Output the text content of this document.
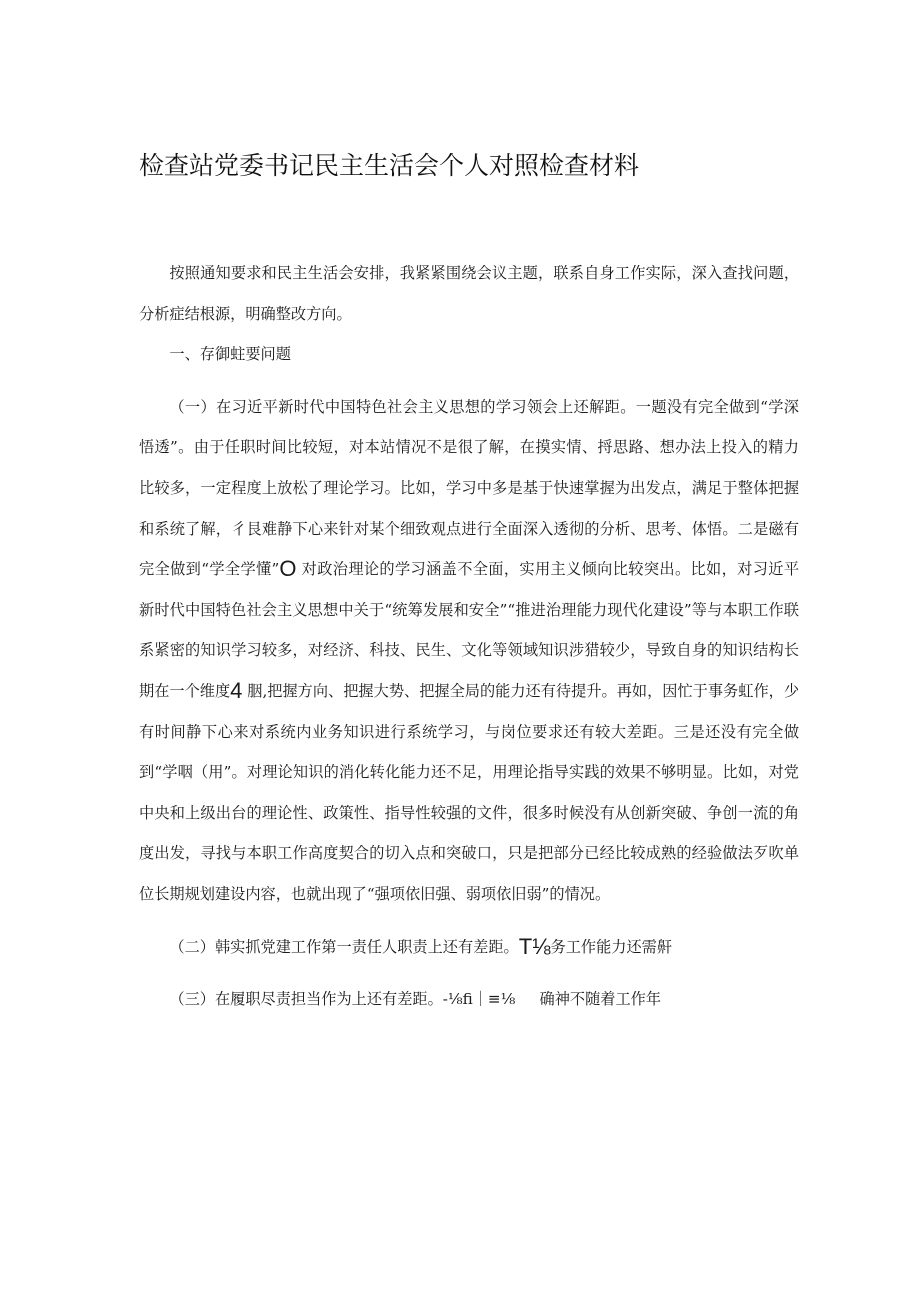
检查站党委书记民主生活会个人对照检查材料

按照通知要求和民主生活会安排，我紧紧围绕会议主题，联系自身工作实际，深入查找问题，分析症结根源，明确整改方向。

一、存御蛀要问题

（一）在习近平新时代中国特色社会主义思想的学习领会上还解距。一题没有完全做到“学深悟透”。由于任职时间比较短，对本站情况不是很了解，在摸实情、捋思路、想办法上投入的精力比较多，一定程度上放松了理论学习。比如，学习中多是基于快速掌握为出发点，满足于整体把握和系统了解，彳艮难静下心来针对某个细致观点进行全面深入透彻的分析、思考、体悟。二是磁有完全做到“学全学懂”O 对政治理论的学习涵盖不全面，实用主义倾向比较突出。比如，对习近平新时代中国特色社会主义思想中关于“统筹发展和安全”“推进治理能力现代化建设”等与本职工作联系紧密的知识学习较多，对经济、科技、民生、文化等领域知识涉猎较少，导致自身的知识结构长期在一个维度4 胭,把握方向、把握大势、把握全局的能力还有待提升。再如，因忙于事务虹作，少有时间静下心来对系统内业务知识进行系统学习，与岗位要求还有较大差距。三是还没有完全做到“学咽（用”。对理论知识的消化转化能力还不足，用理论指导实践的效果不够明显。比如，对党中央和上级出台的理论性、政策性、指导性较强的文件，很多时候没有从创新突破、争创一流的角度出发，寻找与本职工作高度契合的切入点和突破口，只是把部分已经比较成熟的经验做法歹吹单位长期规划建设内容，也就出现了“强项依旧强、弱项依旧弱”的情况。

（二）韩实抓党建工作第一责任人职责上还有差距。T⅛务工作能力还需鼾

（三）在履职尽责担当作为上还有差距。-⅛fi｜≡⅛ 确神不随着工作年
